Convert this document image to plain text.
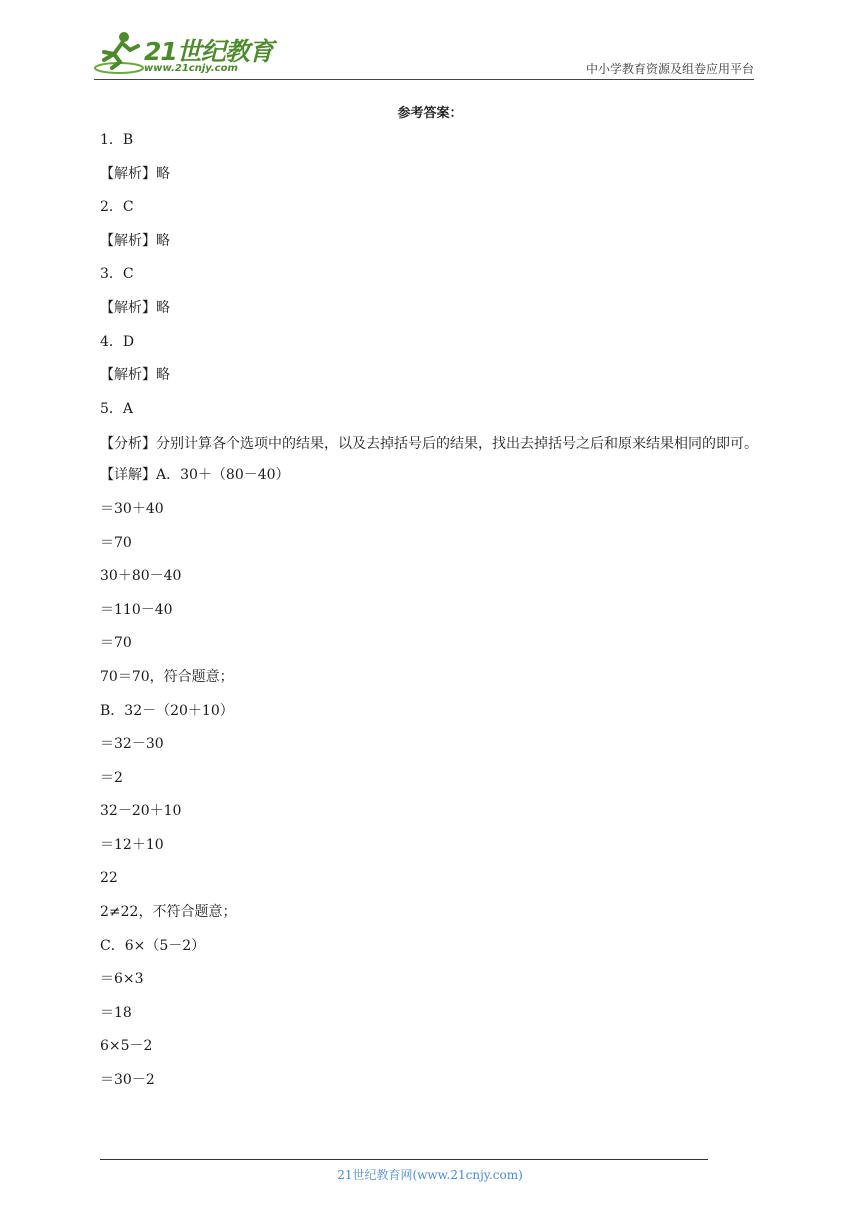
21世纪教育
www.21cnjy.com	中小学教育资源及组卷应用平台
参考答案：
1．B
【解析】略
2．C
【解析】略
3．C
【解析】略
4．D
【解析】略
5．A
【分析】分别计算各个选项中的结果，以及去掉括号后的结果，找出去掉括号之后和原来结果相同的即可。
【详解】A．30＋（80－40）
＝30＋40
＝70
30＋80－40
＝110－40
＝70
70＝70，符合题意；
B．32－（20＋10）
＝32－30
＝2
32－20＋10
＝12＋10
22
2≠22，不符合题意；
C．6×（5－2）
＝6×3
＝18
6×5－2
＝30－2
21世纪教育网(www.21cnjy.com)
